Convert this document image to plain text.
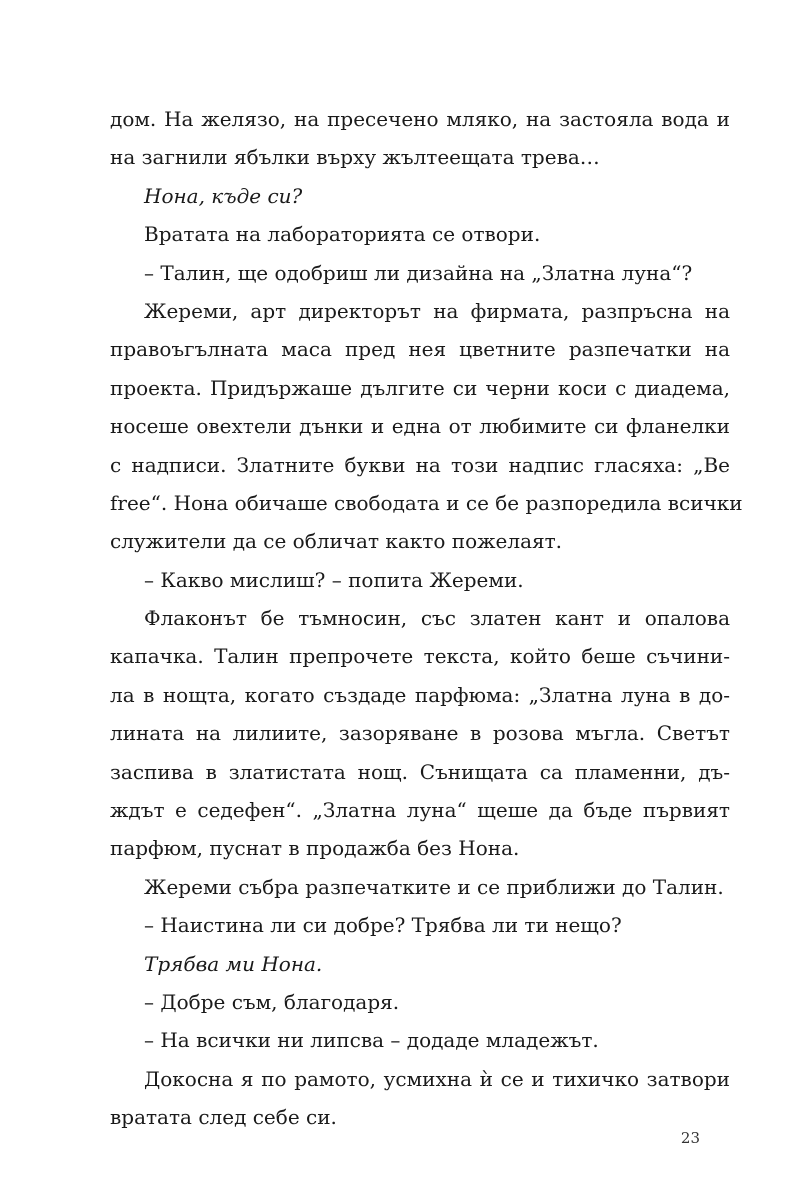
дом. На желязо, на пресечено мляко, на застояла вода и
на загнили ябълки върху жълтеещата трева…
Нона, къде си?
Вратата на лабораторията се отвори.
– Талин, ще одобриш ли дизайна на „Златна луна“?
Жереми, арт директорът на фирмата, разпръсна на
правоъгълната маса пред нея цветните разпечатки на
проекта. Придържаше дългите си черни коси с диадема,
носеше овехтели дънки и една от любимите си фланелки
с надписи. Златните букви на този надпис гласяха: „Be
free“. Нона обичаше свободата и се бе разпоредила всички
служители да се обличат както пожелаят.
– Какво мислиш? – попита Жереми.
Флаконът бе тъмносин, със златен кант и опалова
капачка. Талин препрочете текста, който беше съчини-
ла в нощта, когато създаде парфюма: „Златна луна в до-
лината на лилиите, зазоряване в розова мъгла. Светът
заспива в златистата нощ. Сънищата са пламенни, дъ-
ждът е седефен“. „Златна луна“ щеше да бъде първият
парфюм, пуснат в продажба без Нона.
Жереми събра разпечатките и се приближи до Талин.
– Наистина ли си добре? Трябва ли ти нещо?
Трябва ми Нона.
– Добре съм, благодаря.
– На всички ни липсва – додаде младежът.
Докосна я по рамото, усмихна ѝ се и тихичко затвори
вратата след себе си.
23
